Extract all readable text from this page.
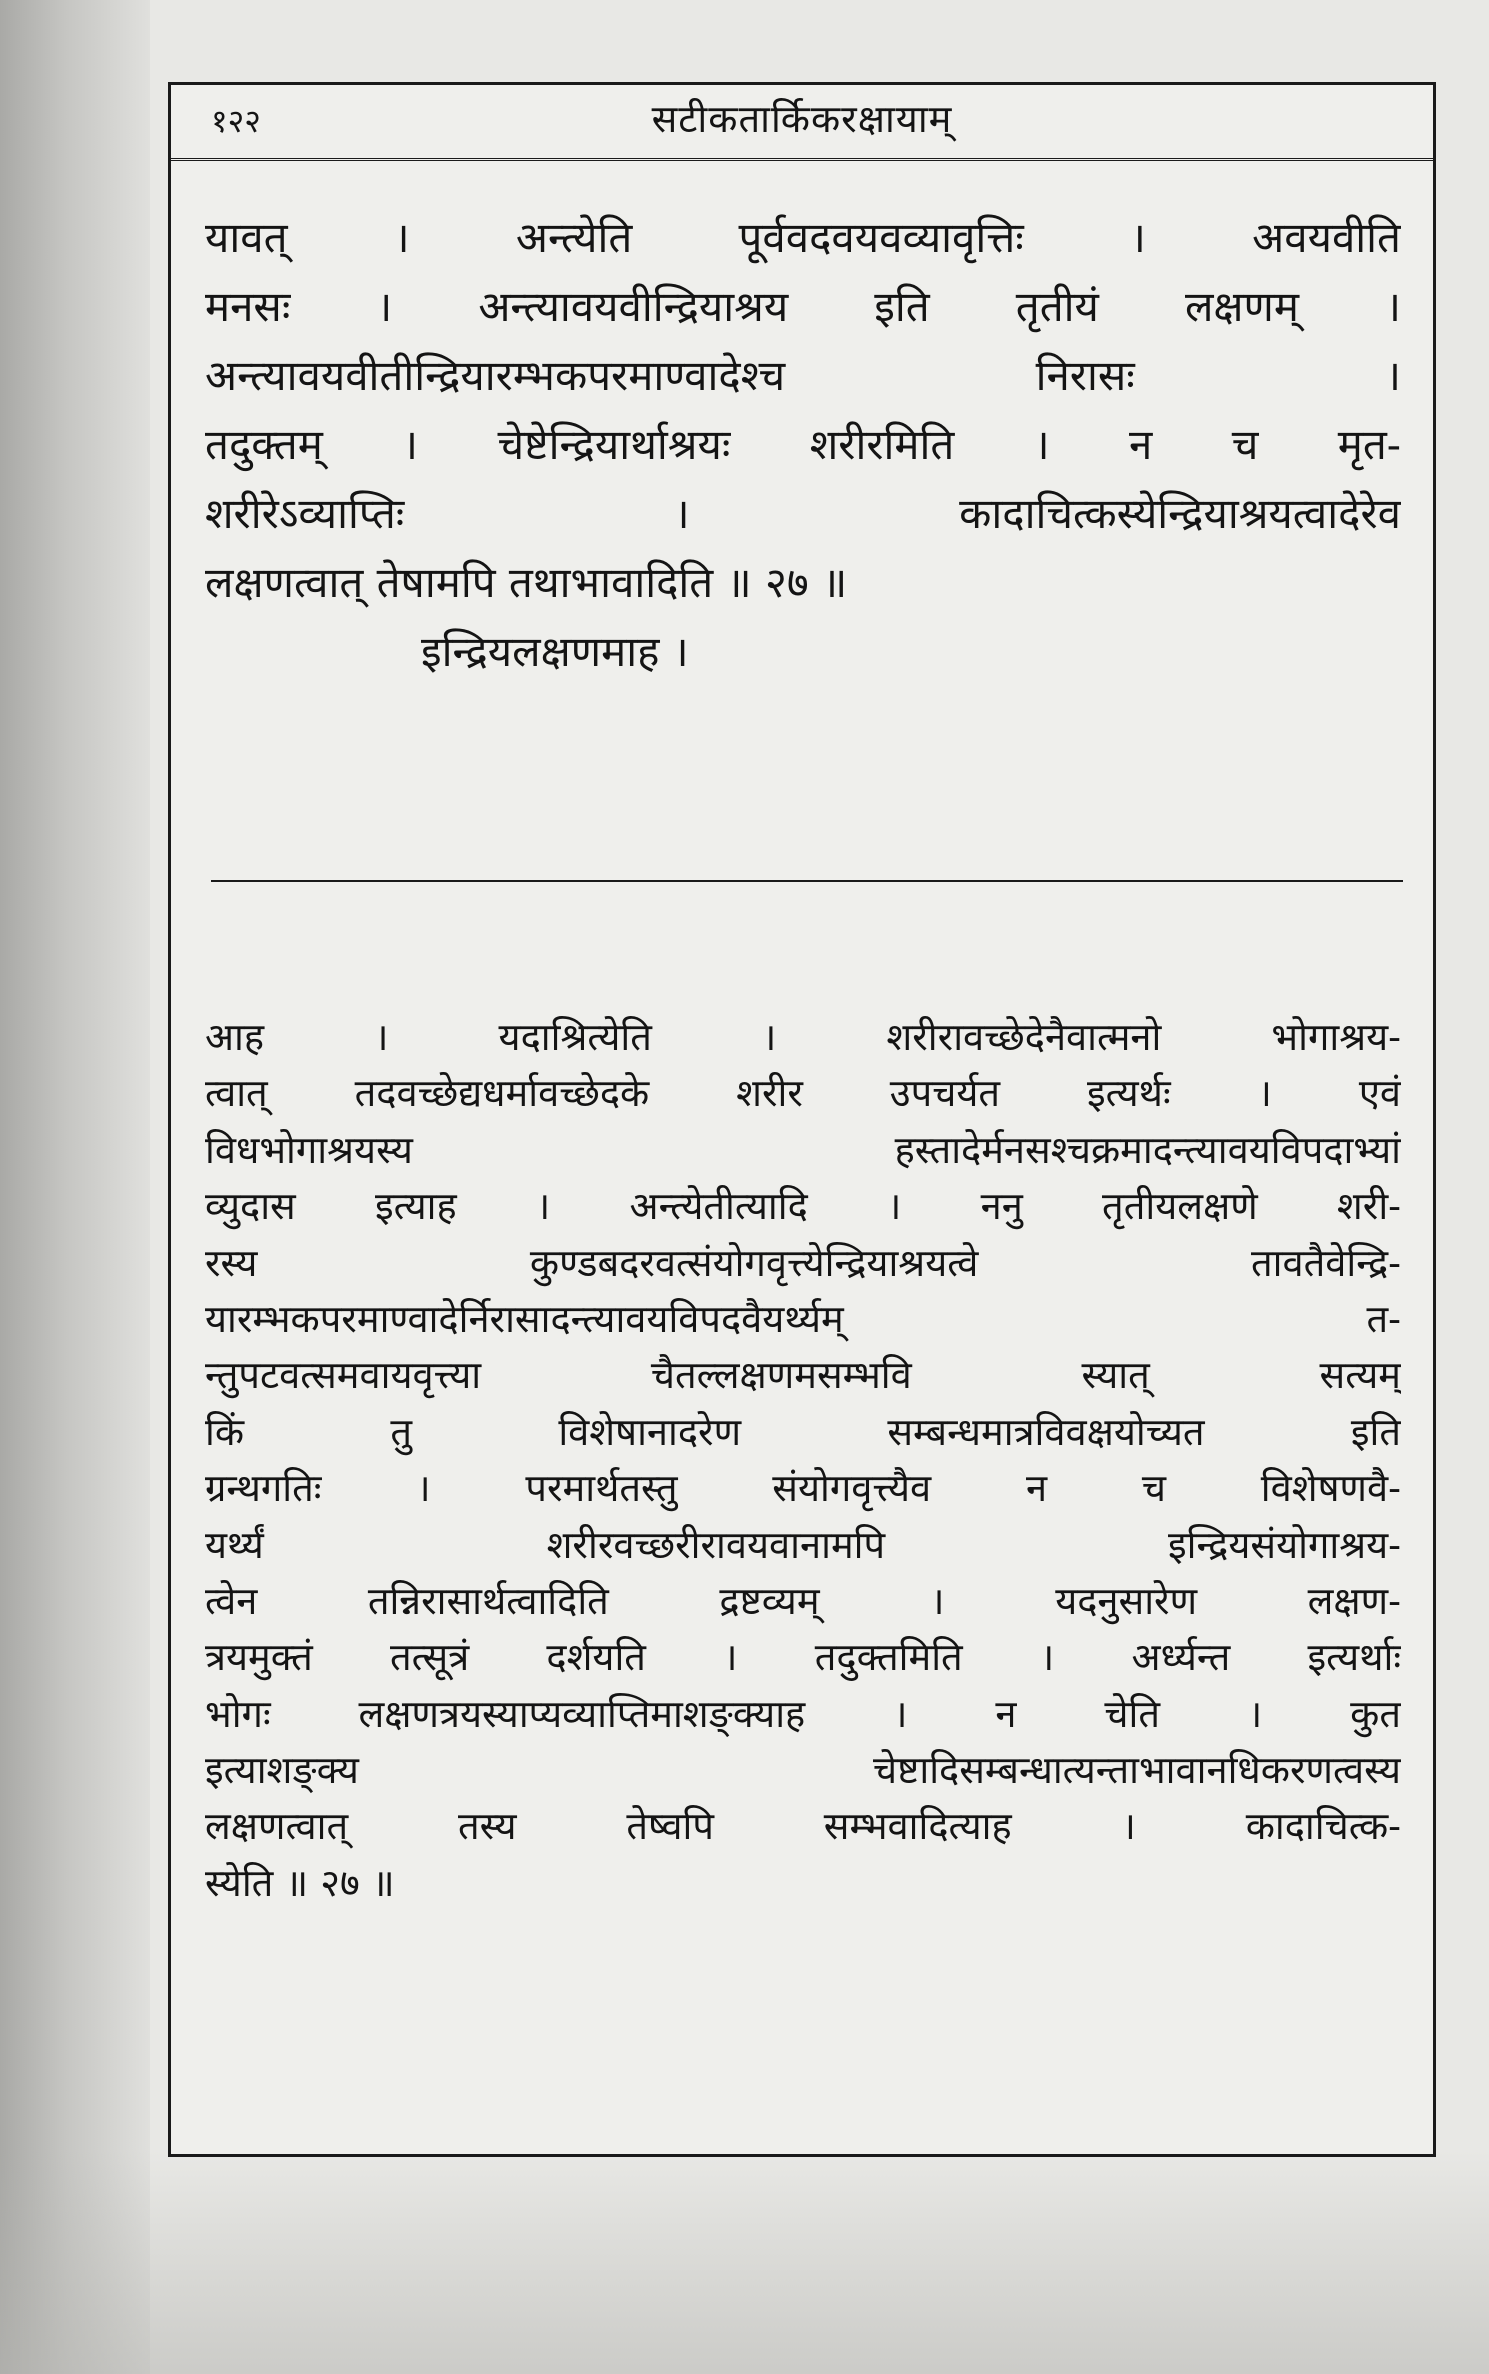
१२२	सटीकतार्किकरक्षायाम्
यावत् । अन्त्येति पूर्ववदवयवव्यावृत्तिः । अवयवीति
मनसः । अन्त्यावयवीन्द्रियाश्रय इति तृतीयं लक्षणम् ।
अन्त्यावयवीतीन्द्रियारम्भकपरमाण्वादेश्च निरासः ।
तदुक्तम् । चेष्टेन्द्रियार्थाश्रयः शरीरमिति । न च मृत-
शरीरेऽव्याप्तिः । कादाचित्कस्येन्द्रियाश्रयत्वादेरेव
लक्षणत्वात् तेषामपि तथाभावादिति ॥ २७ ॥
इन्द्रियलक्षणमाह ।
आह । यदाश्रित्येति । शरीरावच्छेदेनैवात्मनो भोगाश्रय-
त्वात् तदवच्छेद्यधर्मावच्छेदके शरीर उपचर्यत इत्यर्थः । एवं
विधभोगाश्रयस्य हस्तादेर्मनसश्चक्रमादन्त्यावयविपदाभ्यां
व्युदास इत्याह । अन्त्येतीत्यादि । ननु तृतीयलक्षणे शरी-
रस्य कुण्डबदरवत्संयोगवृत्त्येन्द्रियाश्रयत्वे तावतैवेन्द्रि-
यारम्भकपरमाण्वादेर्निरासादन्त्यावयविपदवैयर्थ्यम् त-
न्तुपटवत्समवायवृत्त्या चैतल्लक्षणमसम्भवि स्यात् सत्यम्
किं तु विशेषानादरेण सम्बन्धमात्रविवक्षयोच्यत इति
ग्रन्थगतिः । परमार्थतस्तु संयोगवृत्त्यैव न च विशेषणवै-
यर्थ्यं शरीरवच्छरीरावयवानामपि इन्द्रियसंयोगाश्रय-
त्वेन तन्निरासार्थत्वादिति द्रष्टव्यम् । यदनुसारेण लक्षण-
त्रयमुक्तं तत्सूत्रं दर्शयति । तदुक्तमिति । अर्ध्यन्त इत्यर्थाः
भोगः लक्षणत्रयस्याप्यव्याप्तिमाशङ्क्याह । न चेति । कुत
इत्याशङ्क्य चेष्टादिसम्बन्धात्यन्ताभावानधिकरणत्वस्य
लक्षणत्वात् तस्य तेष्वपि सम्भवादित्याह । कादाचित्क-
स्येति ॥ २७ ॥
